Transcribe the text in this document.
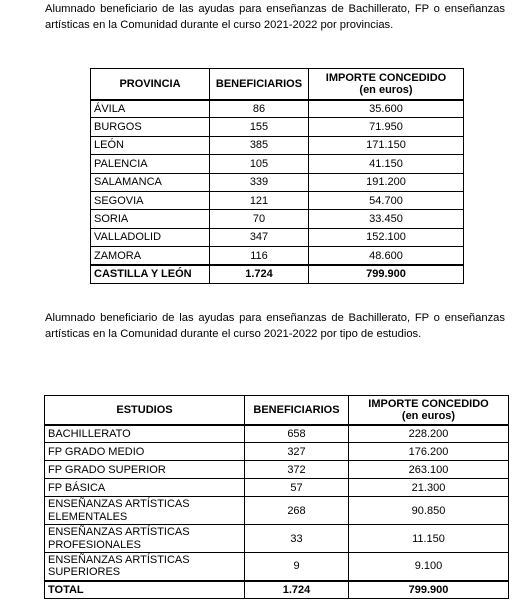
Alumnado beneficiario de las ayudas para enseñanzas de Bachillerato, FP o enseñanzas artísticas en la Comunidad durante el curso 2021-2022 por provincias.

PROVINCIA	BENEFICIARIOS	IMPORTE CONCEDIDO
(en euros)

ÁVILA	86	35.600
BURGOS	155	71.950
LEÓN	385	171.150
PALENCIA	105	41.150
SALAMANCA	339	191.200
SEGOVIA	121	54.700
SORIA	70	33.450
VALLADOLID	347	152.100
ZAMORA	116	48.600
CASTILLA Y LEÓN	1.724	799.900

Alumnado beneficiario de las ayudas para enseñanzas de Bachillerato, FP o enseñanzas artísticas en la Comunidad durante el curso 2021-2022 por tipo de estudios.

ESTUDIOS	BENEFICIARIOS	IMPORTE CONCEDIDO
(en euros)

BACHILLERATO	658	228.200
FP GRADO MEDIO	327	176.200
FP GRADO SUPERIOR	372	263.100
FP BÁSICA	57	21.300

ENSEÑANZAS ARTÍSTICAS
ELEMENTALES	268	90.850

ENSEÑANZAS ARTÍSTICAS
PROFESIONALES	33	11.150

ENSEÑANZAS ARTÍSTICAS
SUPERIORES	9	9.100
TOTAL	1.724	799.900
